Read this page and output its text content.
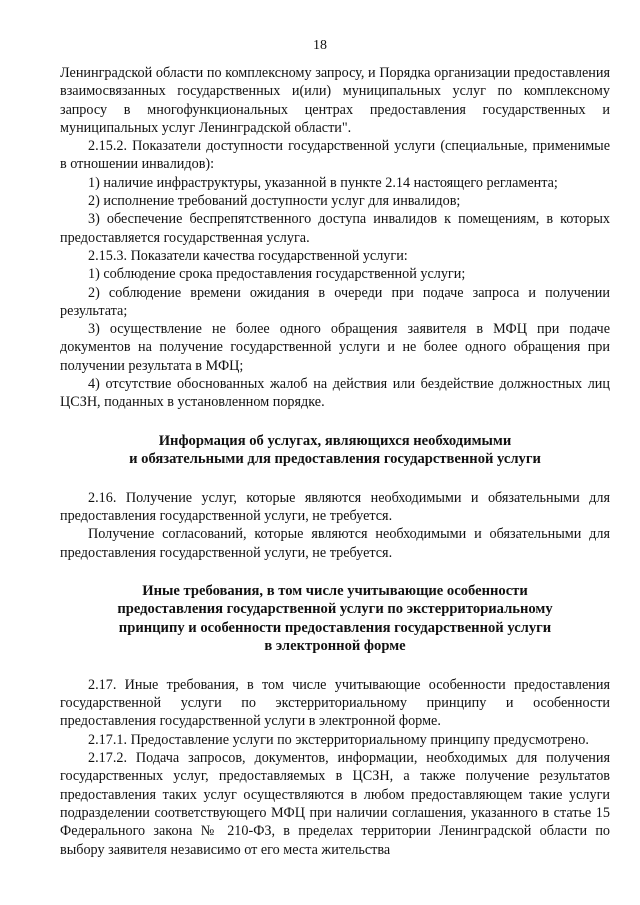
18

Ленинградской области по комплексному запросу, и Порядка организации предоставления взаимосвязанных государственных и(или) муниципальных услуг по комплексному запросу в многофункциональных центрах предоставления государственных и муниципальных услуг Ленинградской области".

2.15.2. Показатели доступности государственной услуги (специальные, применимые в отношении инвалидов):

1) наличие инфраструктуры, указанной в пункте 2.14 настоящего регламента;

2) исполнение требований доступности услуг для инвалидов;

3) обеспечение беспрепятственного доступа инвалидов к помещениям, в которых предоставляется государственная услуга.

2.15.3. Показатели качества государственной услуги:

1) соблюдение срока предоставления государственной услуги;

2) соблюдение времени ожидания в очереди при подаче запроса и получении результата;

3) осуществление не более одного обращения заявителя в МФЦ при подаче документов на получение государственной услуги и не более одного обращения при получении результата в МФЦ;

4) отсутствие обоснованных жалоб на действия или бездействие должностных лиц ЦСЗН, поданных в установленном порядке.

Информация об услугах, являющихся необходимыми
и обязательными для предоставления государственной услуги

2.16. Получение услуг, которые являются необходимыми и обязательными для предоставления государственной услуги, не требуется.

Получение согласований, которые являются необходимыми и обязательными для предоставления государственной услуги, не требуется.

Иные требования, в том числе учитывающие особенности
предоставления государственной услуги по экстерриториальному
принципу и особенности предоставления государственной услуги
в электронной форме

2.17. Иные требования, в том числе учитывающие особенности предоставления государственной услуги по экстерриториальному принципу и особенности предоставления государственной услуги в электронной форме.

2.17.1. Предоставление услуги по экстерриториальному принципу предусмотрено.

2.17.2. Подача запросов, документов, информации, необходимых для получения государственных услуг, предоставляемых в ЦСЗН, а также получение результатов предоставления таких услуг осуществляются в любом предоставляющем такие услуги подразделении соответствующего МФЦ при наличии соглашения, указанного в статье 15 Федерального закона № 210-ФЗ, в пределах территории Ленинградской области по выбору заявителя независимо от его места жительства
